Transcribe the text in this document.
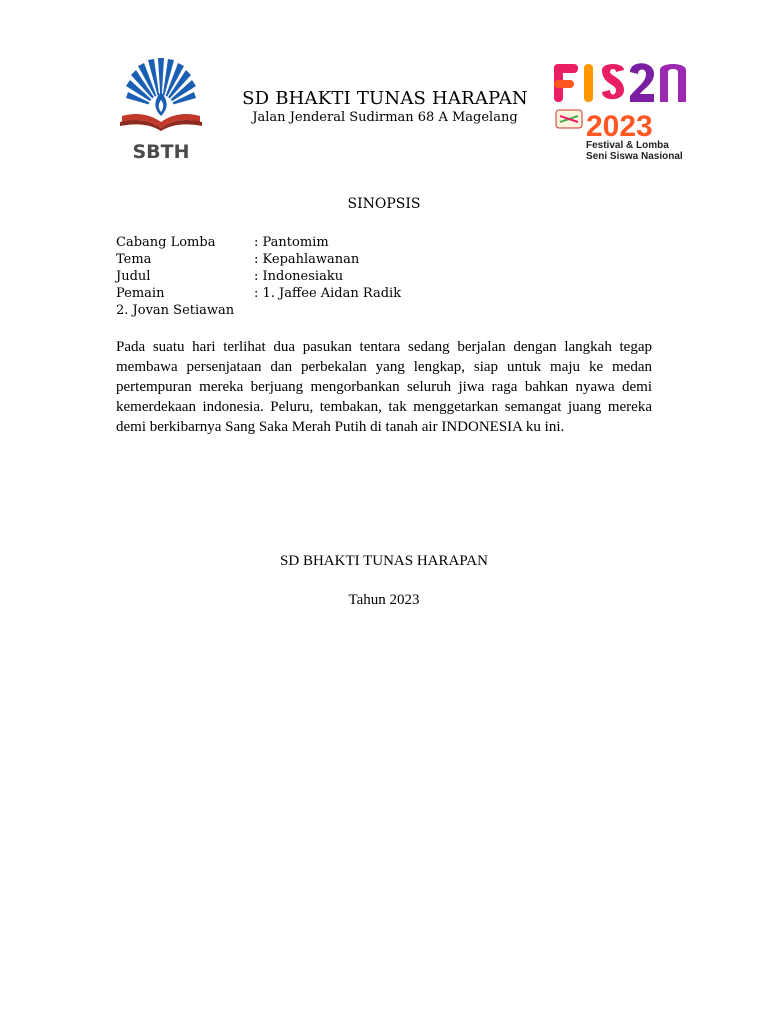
SBTH
SD BHAKTI TUNAS HARAPAN
Jalan Jenderal Sudirman 68 A Magelang	2023
Festival & Lomba
Seni Siswa Nasional
SINOPSIS
Cabang Lomba	: Pantomim
Tema	: Kepahlawanan
Judul	: Indonesiaku
Pemain	: 1. Jaffee Aidan Radik
2. Jovan Setiawan
Pada suatu hari terlihat dua pasukan tentara sedang berjalan dengan langkah tegap membawa persenjataan dan perbekalan yang lengkap, siap untuk maju ke medan pertempuran mereka berjuang mengorbankan seluruh jiwa raga bahkan nyawa demi kemerdekaan indonesia. Peluru, tembakan, tak menggetarkan semangat juang mereka demi berkibarnya Sang Saka Merah Putih di tanah air INDONESIA ku ini.
SD BHAKTI TUNAS HARAPAN
Tahun 2023
